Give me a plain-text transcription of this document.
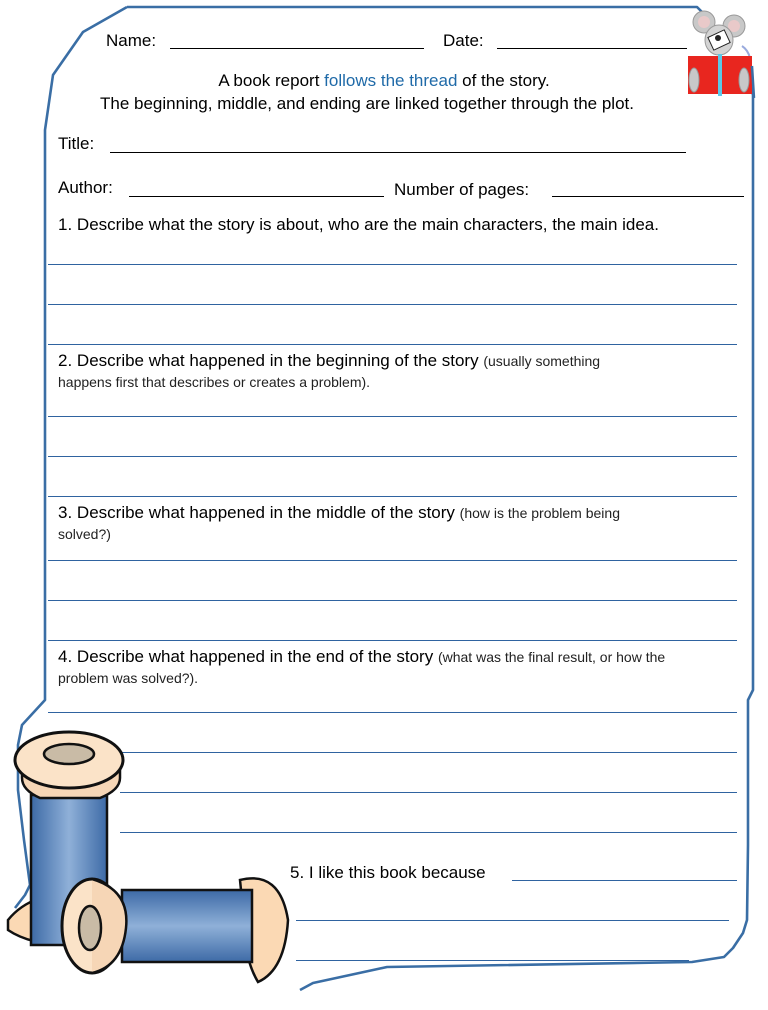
Name:	Date:
A book report follows the thread of the story.
The beginning, middle, and ending are linked together through the plot.
Title:
Author:	Number of pages:
1. Describe what the story is about, who are the main characters, the main idea.
2. Describe what happened in the beginning of the story (usually something
happens first that describes or creates a problem).
3. Describe what happened in the middle of the story (how is the problem being
solved?)
4. Describe what happened in the end of the story (what was the final result, or how the
problem was solved?).
5. I like this book because
